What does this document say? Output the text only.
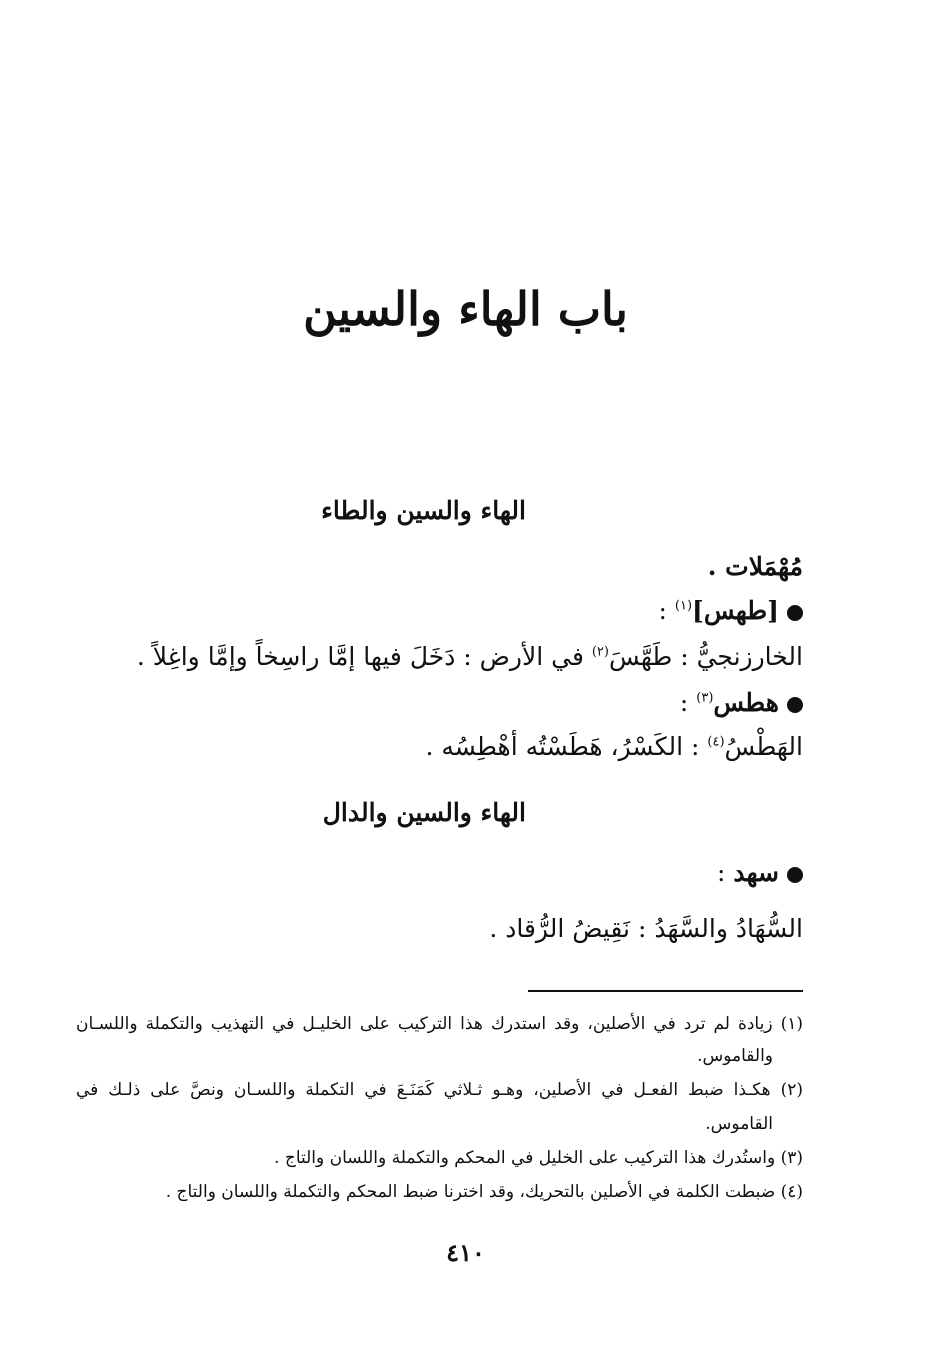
باب الهاء والسين
الهاء والسين والطاء
مُهْمَلات .
[طهس]$^{(١)}$ :
الخارزنجيُّ : طَهَّسَ$^{(٢)}$ في الأرض : دَخَلَ فيها إمَّا راسِخاً وإمَّا واغِلاً .
هطس$^{(٣)}$ :
الهَطْسُ$^{(٤)}$ : الكَسْرُ، هَطَسْتُه أهْطِسُه .
الهاء والسين والدال
سهد :
السُّهَادُ والسَّهَدُ : نَقِيضُ الرُّقاد .
(١) زيادة لم ترد في الأصلين، وقد استدرك هذا التركيب على الخليـل في التهذيب والتكملة واللسـان
والقاموس.
(٢) هكـذا ضبط الفعـل في الأصلين، وهـو ثـلاثي كَمَنَـعَ في التكملة واللسـان ونصَّ على ذلـك في
القاموس.
(٣) واستُدرك هذا التركيب على الخليل في المحكم والتكملة واللسان والتاج .
(٤) ضبطت الكلمة في الأصلين بالتحريك، وقد اخترنا ضبط المحكم والتكملة واللسان والتاج .
٤١٠
